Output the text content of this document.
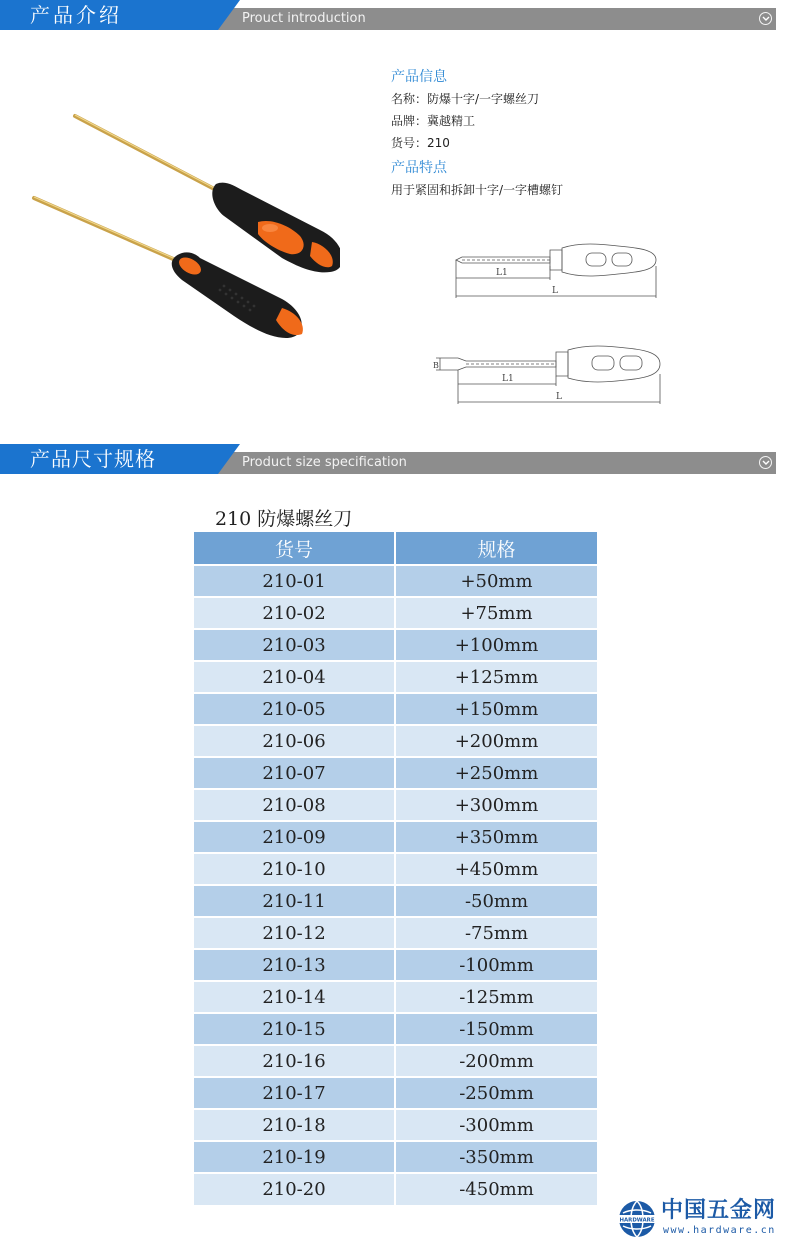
产品介绍	Prouct introduction
产品信息
名称：防爆十字/一字螺丝刀
品牌：冀越精工
货号：210
产品特点
用于紧固和拆卸十字/一字槽螺钉
L1
L
B
L1
L
产品尺寸规格	Product size specification
210 防爆螺丝刀
货号	规格
210-01	+50mm
210-02	+75mm
210-03	+100mm
210-04	+125mm
210-05	+150mm
210-06	+200mm
210-07	+250mm
210-08	+300mm
210-09	+350mm
210-10	+450mm
210-11	-50mm
210-12	-75mm
210-13	-100mm
210-14	-125mm
210-15	-150mm
210-16	-200mm
210-17	-250mm
210-18	-300mm
210-19	-350mm
210-20	-450mm
HARDWARE 中国五金网
www.hardware.cn
